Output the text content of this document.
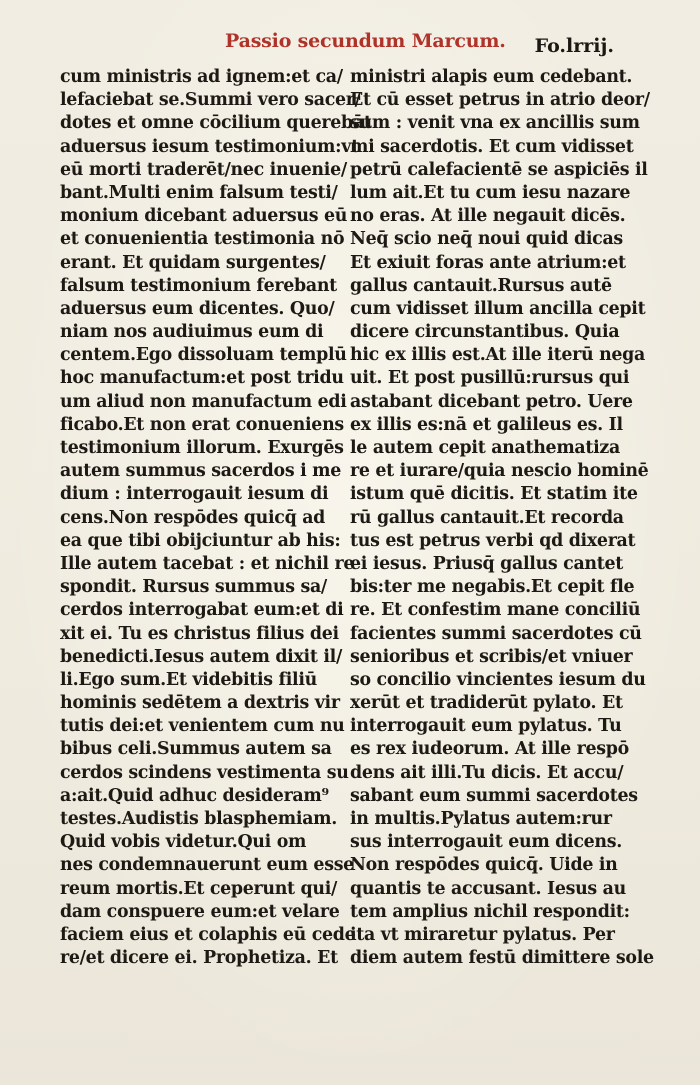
Passio secundum Marcum. Fo.lrrij.
cum ministris ad ignem:et ca/
lefaciebat se.Summi vero sacer/
dotes et omne cōcilium querebāt
aduersus iesum testimonium:vt
eū morti traderēt/nec inuenie/
bant.Multi enim falsum testi/
monium dicebant aduersus eū
et conuenientia testimonia nō
erant. Et quidam surgentes/
falsum testimonium ferebant
aduersus eum dicentes. Quo/
niam nos audiuimus eum di
centem.Ego dissoluam templū
hoc manufactum:et post tridu
um aliud non manufactum edi
ficabo.Et non erat conueniens
testimonium illorum. Exurgēs
autem summus sacerdos i me
dium : interrogauit iesum di
cens.Non respōdes quicq̄ ad
ea que tibi obijciuntur ab his:
Ille autem tacebat : et nichil re
spondit. Rursus summus sa/
cerdos interrogabat eum:et di
xit ei. Tu es christus filius dei
benedicti.Iesus autem dixit il/
li.Ego sum.Et videbitis filiū
hominis sedētem a dextris vir
tutis dei:et venientem cum nu
bibus celi.Summus autem sa
cerdos scindens vestimenta su
a:ait.Quid adhuc desideram⁹
testes.Audistis blasphemiam.
Quid vobis videtur.Qui om
nes condemnauerunt eum esse
reum mortis.Et ceperunt qui/
dam conspuere eum:et velare
faciem eius et colaphis eū cede
re/et dicere ei. Prophetiza. Et
ministri alapis eum cedebant.
Et cū esset petrus in atrio deor/
sum : venit vna ex ancillis sum
mi sacerdotis. Et cum vidisset
petrū calefacientē se aspiciēs il
lum ait.Et tu cum iesu nazare
no eras. At ille negauit dicēs.
Neq̄ scio neq̄ noui quid dicas
Et exiuit foras ante atrium:et
gallus cantauit.Rursus autē
cum vidisset illum ancilla cepit
dicere circunstantibus. Quia
hic ex illis est.At ille iterū nega
uit. Et post pusillū:rursus qui
astabant dicebant petro. Uere
ex illis es:nā et galileus es. Il
le autem cepit anathematiza
re et iurare/quia nescio hominē
istum quē dicitis. Et statim ite
rū gallus cantauit.Et recorda
tus est petrus verbi qd dixerat
ei iesus. Priusq̄ gallus cantet
bis:ter me negabis.Et cepit fle
re. Et confestim mane conciliū
facientes summi sacerdotes cū
senioribus et scribis/et vniuer
so concilio vincientes iesum du
xerūt et tradiderūt pylato. Et
interrogauit eum pylatus. Tu
es rex iudeorum. At ille respō
dens ait illi.Tu dicis. Et accu/
sabant eum summi sacerdotes
in multis.Pylatus autem:rur
sus interrogauit eum dicens.
Non respōdes quicq̄. Uide in
quantis te accusant. Iesus au
tem amplius nichil respondit:
ita vt miraretur pylatus. Per
diem autem festū dimittere sole
